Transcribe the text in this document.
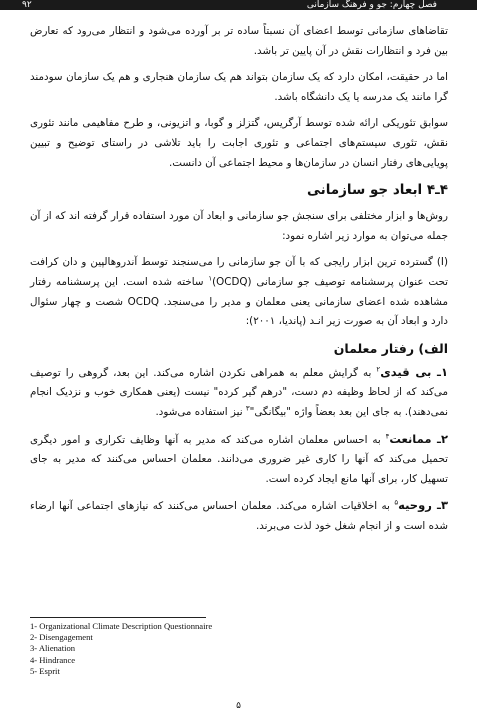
۹۲	فصل چهارم: جو و فرهنگ سازمانی

تقاضاهای سازمانی توسط اعضای آن نسبتاً ساده تر بر آورده می‌شود و انتظار می‌رود که تعارض بین فرد و انتظارات نقش در آن پایین تر باشد.

اما در حقیقت، امکان دارد که یک سازمان بتواند هم یک سازمان هنجاری و هم یک سازمان سودمند گرا مانند یک مدرسه یا یک دانشگاه باشد.

سوابق تئوریکی ارائه شده توسط آرگریس، گتزلز و گوبا، و اتزیونی، و طرح مفاهیمی مانند تئوری نقش، تئوری سیستم‌های اجتماعی و تئوری اجابت را باید تلاشی در راستای توضیح و تبیین پویایی‌های رفتار انسان در سازمان‌ها و محیط اجتماعی آن دانست.

۴ـ۴ ابعاد جو سازمانی

روش‌ها و ابزار مختلفی برای سنجش جو سازمانی و ابعاد آن مورد استفاده قرار گرفته اند که از آن جمله می‌توان به موارد زیر اشاره نمود:

(I) گسترده ترین ابزار رایجی که با آن جو سازمانی را می‌سنجند توسط آندروهالپین و دان کرافت تحت عنوان پرسشنامه توصیف جو سازمانی (OCDQ)$^۱$ ساخته شده است. این پرسشنامه رفتار مشاهده شده اعضای سازمانی یعنی معلمان و مدیر را می‌سنجد. OCDQ شصت و چهار سئوال دارد و ابعاد آن به صورت زیر انـد (پاندیا، ۲۰۰۱):

الف) رفتار معلمان

۱ـ بی قیدی$^۲$ به گرایش معلم به همراهی نکردن اشاره می‌کند. این بعد، گروهی را توصیف می‌کند که از لحاظ وظیفه دم دست، "درهم گیر کرده" نیست (یعنی همکاری خوب و نزدیک انجام نمی‌دهند). به جای این بعد بعضاً واژه "بیگانگی"$^۳$ نیز استفاده می‌شود.

۲ـ ممانعت$^۴$ به احساس معلمان اشاره می‌کند که مدیر به آنها وظایف تکراری و امور دیگری تحمیل می‌کند که آنها را کاری غیر ضروری می‌دانند. معلمان احساس می‌کنند که مدیر به جای تسهیل کار، برای آنها مانع ایجاد کرده است.

۳ـ روحیه$^۵$ به اخلاقیات اشاره می‌کند. معلمان احساس می‌کنند که نیازهای اجتماعی آنها ارضاء شده است و از انجام شغل خود لذت می‌برند.

1- Organizational Climate Description Questionnaire
2- Disengagement
3- Alienation
4- Hindrance
5- Esprit
۵
